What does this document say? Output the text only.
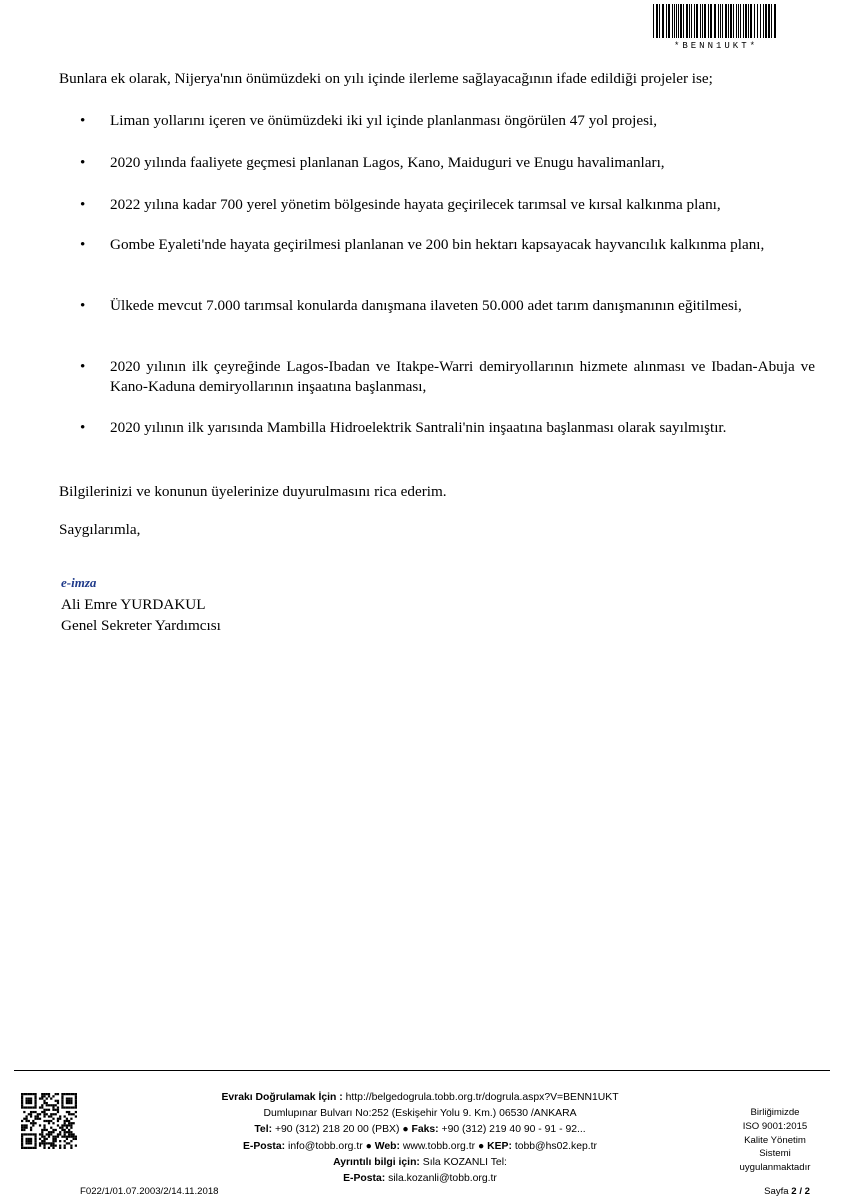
*BENN1UKT*
Bunlara ek olarak, Nijerya'nın önümüzdeki on yılı içinde ilerleme sağlayacağının ifade edildiği projeler ise;
•	Liman yollarını içeren ve önümüzdeki iki yıl içinde planlanması öngörülen 47 yol projesi,
•	2020 yılında faaliyete geçmesi planlanan Lagos, Kano, Maiduguri ve Enugu havalimanları,
•	2022 yılına kadar 700 yerel yönetim bölgesinde hayata geçirilecek tarımsal ve kırsal kalkınma planı,
•	Gombe Eyaleti'nde hayata geçirilmesi planlanan ve 200 bin hektarı kapsayacak hayvancılık kalkınma planı,
•	Ülkede mevcut 7.000 tarımsal konularda danışmana ilaveten 50.000 adet tarım danışmanının eğitilmesi,
•	2020 yılının ilk çeyreğinde Lagos-Ibadan ve Itakpe-Warri demiryollarının hizmete alınması ve Ibadan-Abuja ve Kano-Kaduna demiryollarının inşaatına başlanması,
•	2020 yılının ilk yarısında Mambilla Hidroelektrik Santrali'nin inşaatına başlanması olarak sayılmıştır.
Bilgilerinizi ve konunun üyelerinize duyurulmasını rica ederim.
Saygılarımla,
e-imza
Ali Emre YURDAKUL
Genel Sekreter Yardımcısı
Evrakı Doğrulamak İçin : http://belgedogrula.tobb.org.tr/dogrula.aspx?V=BENN1UKT
Dumlupınar Bulvarı No:252 (Eskişehir Yolu 9. Km.) 06530 /ANKARA
Tel: +90 (312) 218 20 00 (PBX) ● Faks: +90 (312) 219 40 90 - 91 - 92...
E-Posta: info@tobb.org.tr ● Web: www.tobb.org.tr ● KEP: tobb@hs02.kep.tr
Ayrıntılı bilgi için: Sıla KOZANLI Tel:
E-Posta: sila.kozanli@tobb.org.tr
Birliğimizde
ISO 9001:2015
Kalite Yönetim
Sistemi
uygulanmaktadır
F022/1/01.07.2003/2/14.11.2018	Sayfa 2 / 2
